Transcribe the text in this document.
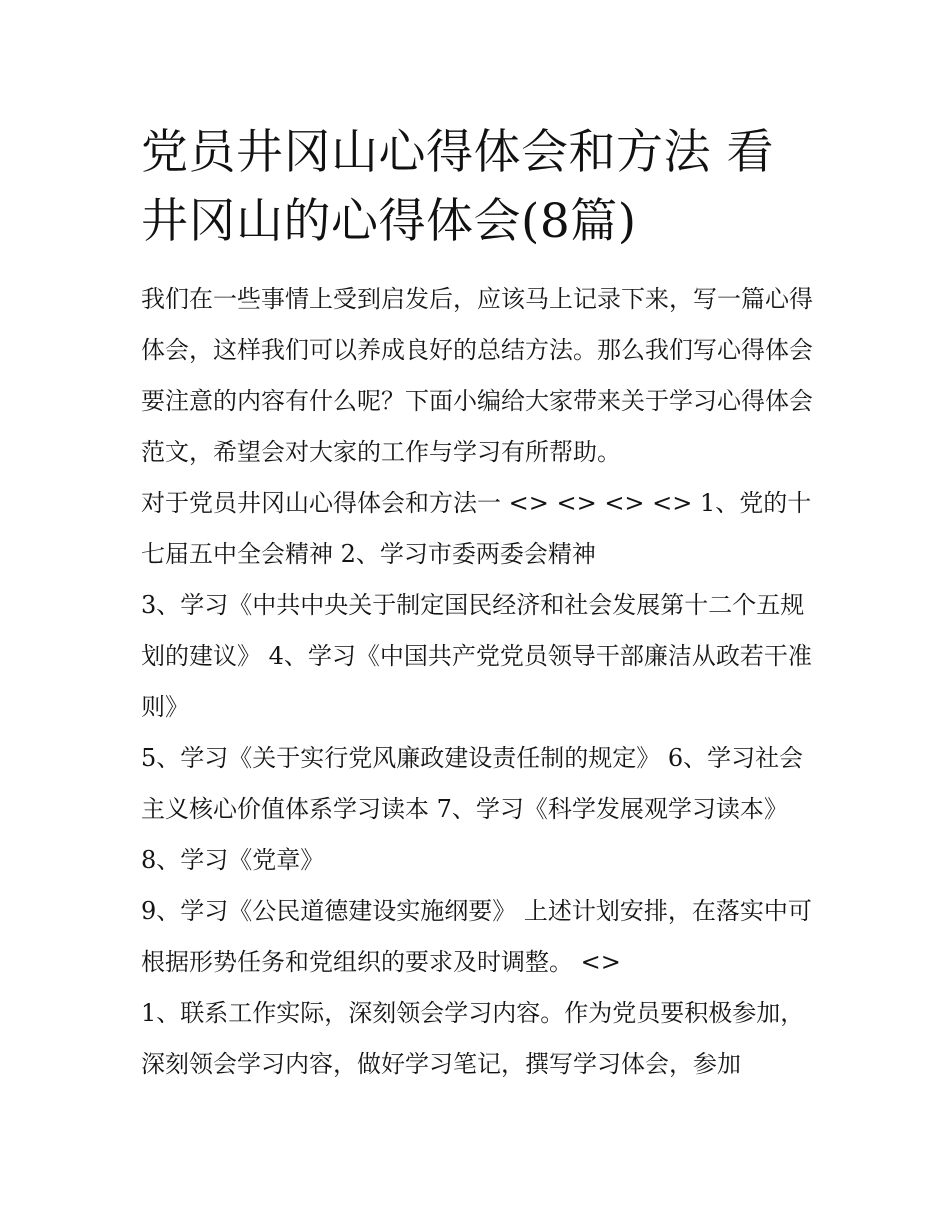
党员井冈山心得体会和方法 看井冈山的心得体会(8篇)

我们在一些事情上受到启发后，应该马上记录下来，写一篇心得体会，这样我们可以养成良好的总结方法。那么我们写心得体会要注意的内容有什么呢？下面小编给大家带来关于学习心得体会范文，希望会对大家的工作与学习有所帮助。

对于党员井冈山心得体会和方法一 <> <> <> <> 1、党的十七届五中全会精神 2、学习市委两委会精神

3、学习《中共中央关于制定国民经济和社会发展第十二个五规划的建议》 4、学习《中国共产党党员领导干部廉洁从政若干准则》

5、学习《关于实行党风廉政建设责任制的规定》 6、学习社会主义核心价值体系学习读本 7、学习《科学发展观学习读本》 8、学习《党章》

9、学习《公民道德建设实施纲要》 上述计划安排，在落实中可根据形势任务和党组织的要求及时调整。 <>

1、联系工作实际，深刻领会学习内容。作为党员要积极参加，深刻领会学习内容，做好学习笔记，撰写学习体会，参加
